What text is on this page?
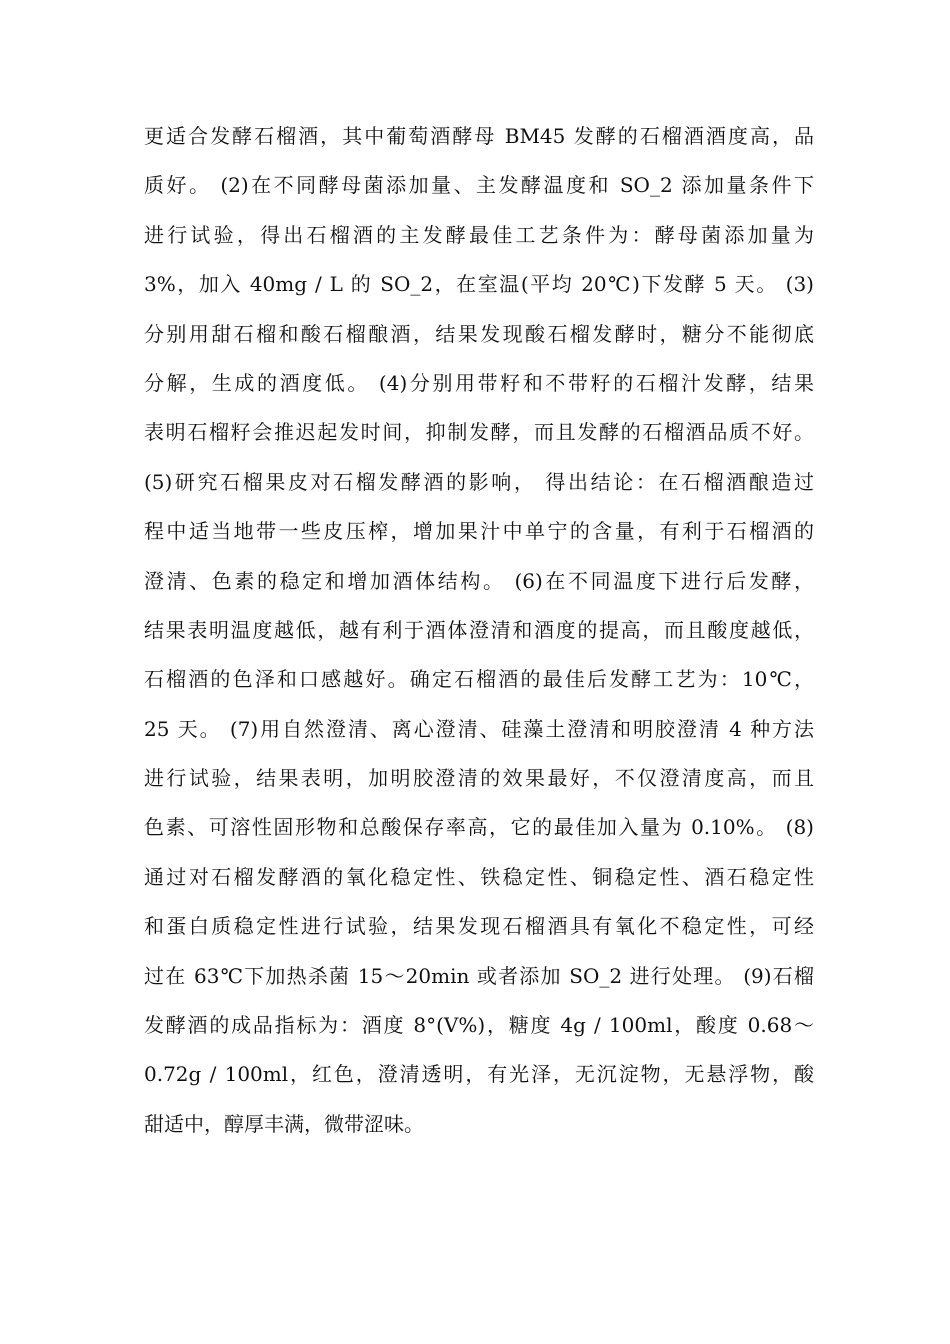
更适合发酵石榴酒，其中葡萄酒酵母 BM45 发酵的石榴酒酒度高，品
质好。 (2)在不同酵母菌添加量、主发酵温度和 SO_2 添加量条件下
进行试验，得出石榴酒的主发酵最佳工艺条件为：酵母菌添加量为
3%，加入 40mg / L 的 SO_2，在室温(平均 20℃)下发酵 5 天。 (3)
分别用甜石榴和酸石榴酿酒，结果发现酸石榴发酵时，糖分不能彻底
分解，生成的酒度低。 (4)分别用带籽和不带籽的石榴汁发酵，结果
表明石榴籽会推迟起发时间，抑制发酵，而且发酵的石榴酒品质不好。
(5)研究石榴果皮对石榴发酵酒的影响， 得出结论：在石榴酒酿造过
程中适当地带一些皮压榨，增加果汁中单宁的含量，有利于石榴酒的
澄清、色素的稳定和增加酒体结构。 (6)在不同温度下进行后发酵，
结果表明温度越低，越有利于酒体澄清和酒度的提高，而且酸度越低，
石榴酒的色泽和口感越好。确定石榴酒的最佳后发酵工艺为：10℃，
25 天。 (7)用自然澄清、离心澄清、硅藻土澄清和明胶澄清 4 种方法
进行试验，结果表明，加明胶澄清的效果最好，不仅澄清度高，而且
色素、可溶性固形物和总酸保存率高，它的最佳加入量为 0.10%。 (8)
通过对石榴发酵酒的氧化稳定性、铁稳定性、铜稳定性、酒石稳定性
和蛋白质稳定性进行试验，结果发现石榴酒具有氧化不稳定性，可经
过在 63℃下加热杀菌 15～20min 或者添加 SO_2 进行处理。 (9)石榴
发酵酒的成品指标为：酒度 8°(V%)，糖度 4g / 100ml，酸度 0.68～
0.72g / 100ml，红色，澄清透明，有光泽，无沉淀物，无悬浮物，酸
甜适中，醇厚丰满，微带涩味。
